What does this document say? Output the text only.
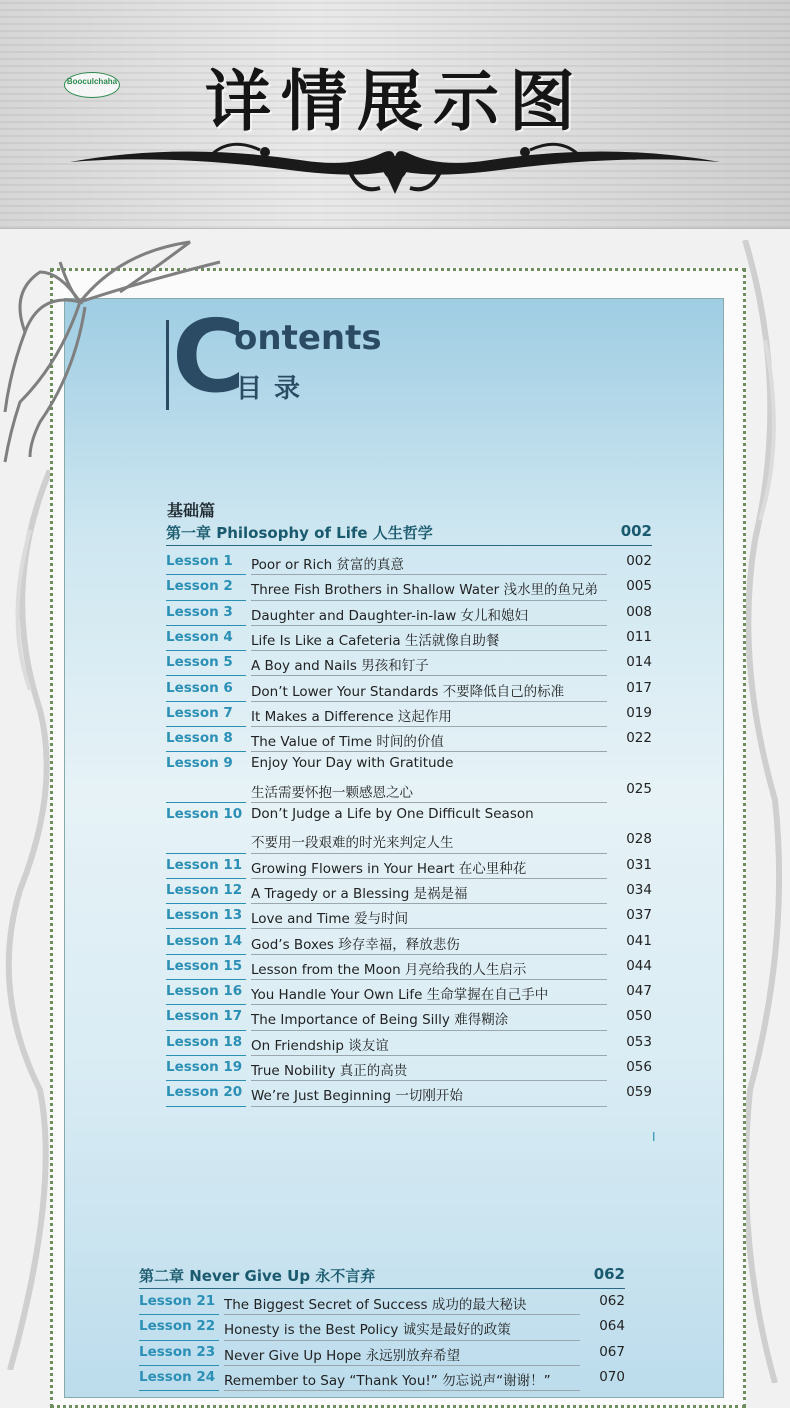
Booculchaha	详情展示图
C
ontents
目录
基础篇
第一章 Philosophy of Life 人生哲学	002
Lesson 1 Poor or Rich 贫富的真意	002
Lesson 2 Three Fish Brothers in Shallow Water 浅水里的鱼兄弟 005
Lesson 3 Daughter and Daughter-in-law 女儿和媳妇	008
Lesson 4 Life Is Like a Cafeteria 生活就像自助餐	011
Lesson 5 A Boy and Nails 男孩和钉子	014
Lesson 6 Don’t Lower Your Standards 不要降低自己的标准	017
Lesson 7 It Makes a Difference 这起作用	019
Lesson 8 The Value of Time 时间的价值	022
Lesson 9 Enjoy Your Day with Gratitude
生活需要怀抱一颗感恩之心	025
Lesson 10 Don’t Judge a Life by One Difficult Season
不要用一段艰难的时光来判定人生	028
Lesson 11 Growing Flowers in Your Heart 在心里种花	031
Lesson 12 A Tragedy or a Blessing 是祸是福	034
Lesson 13 Love and Time 爱与时间	037
Lesson 14 God’s Boxes 珍存幸福，释放悲伤	041
Lesson 15 Lesson from the Moon 月亮给我的人生启示	044
Lesson 16 You Handle Your Own Life 生命掌握在自己手中	047
Lesson 17 The Importance of Being Silly 难得糊涂	050
Lesson 18 On Friendship 谈友谊	053
Lesson 19 True Nobility 真正的高贵	056
Lesson 20 We’re Just Beginning 一切刚开始	059
I
第二章 Never Give Up 永不言弃	062
Lesson 21 The Biggest Secret of Success 成功的最大秘诀	062
Lesson 22 Honesty is the Best Policy 诚实是最好的政策	064
Lesson 23 Never Give Up Hope 永远别放弃希望	067
Lesson 24 Remember to Say “Thank You!” 勿忘说声“谢谢！”	070
